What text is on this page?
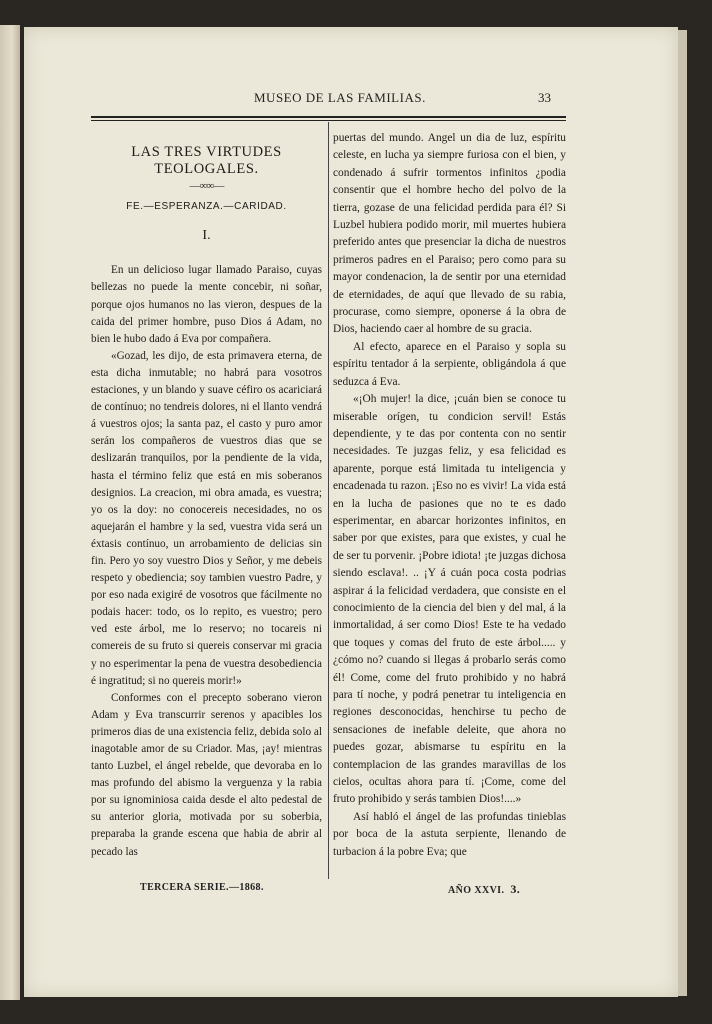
MUSEO DE LAS FAMILIAS.	33
LAS TRES VIRTUDES TEOLOGALES.
—∞∞—
FE.—ESPERANZA.—CARIDAD.
I.

En un delicioso lugar llamado Paraiso, cuyas bellezas no puede la mente concebir, ni soñar, porque ojos humanos no las vieron, despues de la caida del primer hombre, puso Dios á Adam, no bien le hubo dado á Eva por compañera.

«Gozad, les dijo, de esta primavera eterna, de esta dicha inmutable; no habrá para vosotros estaciones, y un blando y suave céfiro os acariciará de contínuo; no tendreis dolores, ni el llanto vendrá á vuestros ojos; la santa paz, el casto y puro amor serán los compañeros de vuestros dias que se deslizarán tranquilos, por la pendiente de la vida, hasta el término feliz que está en mis soberanos designios. La creacion, mi obra amada, es vuestra; yo os la doy: no conocereis necesidades, no os aquejarán el hambre y la sed, vuestra vida será un éxtasis contínuo, un arrobamiento de delicias sin fin. Pero yo soy vuestro Dios y Señor, y me debeis respeto y obediencia; soy tambien vuestro Padre, y por eso nada exigiré de vosotros que fácilmente no podais hacer: todo, os lo repito, es vuestro; pero ved este árbol, me lo reservo; no tocareis ni comereis de su fruto si quereis conservar mi gracia y no esperimentar la pena de vuestra desobediencia é ingratitud; si no quereis morir!»

Conformes con el precepto soberano vieron Adam y Eva transcurrir serenos y apacibles los primeros dias de una existencia feliz, debida solo al inagotable amor de su Criador. Mas, ¡ay! mientras tanto Luzbel, el ángel rebelde, que devoraba en lo mas profundo del abismo la verguenza y la rabia por su ignominiosa caida desde el alto pedestal de su anterior gloria, motivada por su soberbia, preparaba la grande escena que habia de abrir al pecado las

puertas del mundo. Angel un dia de luz, espíritu celeste, en lucha ya siempre furiosa con el bien, y condenado á sufrir tormentos infinitos ¿podia consentir que el hombre hecho del polvo de la tierra, gozase de una felicidad perdida para él? Si Luzbel hubiera podido morir, mil muertes hubiera preferido antes que presenciar la dicha de nuestros primeros padres en el Paraiso; pero como para su mayor condenacion, la de sentir por una eternidad de eternidades, de aquí que llevado de su rabia, procurase, como siempre, oponerse á la obra de Dios, haciendo caer al hombre de su gracia.

Al efecto, aparece en el Paraiso y sopla su espíritu tentador á la serpiente, obligándola á que seduzca á Eva.

«¡Oh mujer! la dice, ¡cuán bien se conoce tu miserable orígen, tu condicion servil! Estás dependiente, y te das por contenta con no sentir necesidades. Te juzgas feliz, y esa felicidad es aparente, porque está limitada tu inteligencia y encadenada tu razon. ¡Eso no es vivir! La vida está en la lucha de pasiones que no te es dado esperimentar, en abarcar horizontes infinitos, en saber por que existes, para que existes, y cual he de ser tu porvenir. ¡Pobre idiota! ¡te juzgas dichosa siendo esclava!. .. ¡Y á cuán poca costa podrias aspirar á la felicidad verdadera, que consiste en el conocimiento de la ciencia del bien y del mal, á la inmortalidad, á ser como Dios! Este te ha vedado que toques y comas del fruto de este árbol..... y ¿cómo no? cuando si llegas á probarlo serás como él! Come, come del fruto prohibido y no habrá para tí noche, y podrá penetrar tu inteligencia en regiones desconocidas, henchirse tu pecho de sensaciones de inefable deleite, que ahora no puedes gozar, abismarse tu espíritu en la contemplacion de las grandes maravillas de los cielos, ocultas ahora para tí. ¡Come, come del fruto prohibido y serás tambien Dios!....»

Así habló el ángel de las profundas tinieblas por boca de la astuta serpiente, llenando de turbacion á la pobre Eva; que

TERCERA SERIE.—1868.	AÑO XXVI. 3.
